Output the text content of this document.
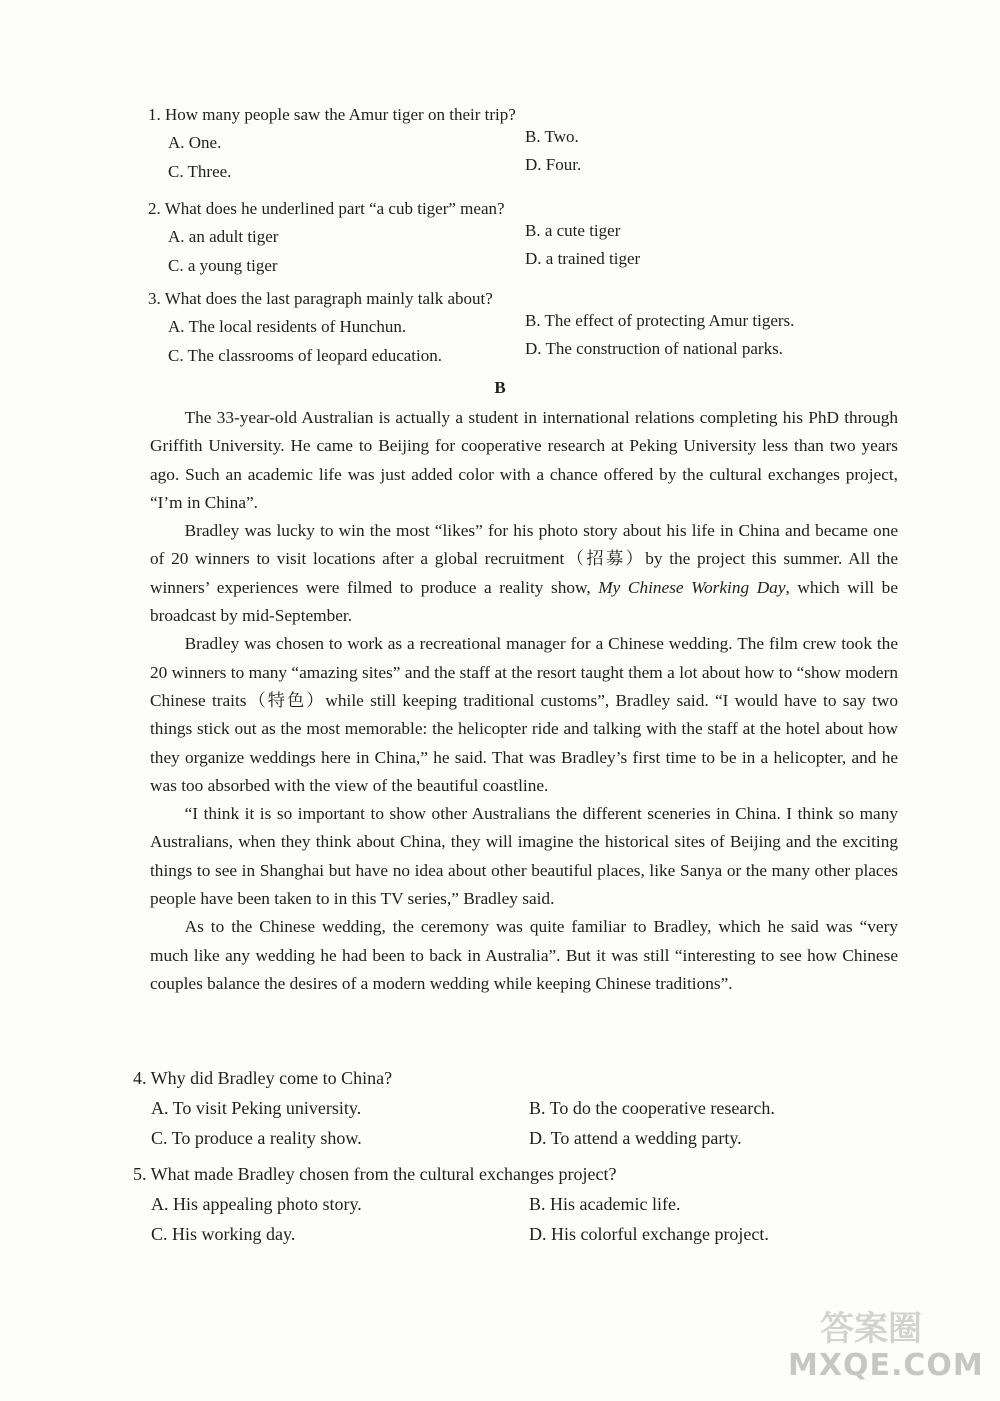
1. How many people saw the Amur tiger on their trip?
A. One.	B. Two.
C. Three.	D. Four.
2. What does he underlined part “a cub tiger” mean?
A. an adult tiger	B. a cute tiger
C. a young tiger	D. a trained tiger
3. What does the last paragraph mainly talk about?
A. The local residents of Hunchun.	B. The effect of protecting Amur tigers.
C. The classrooms of leopard education.	D. The construction of national parks.
B

The 33-year-old Australian is actually a student in international relations completing his PhD through Griffith University. He came to Beijing for cooperative research at Peking University less than two years ago. Such an academic life was just added color with a chance offered by the cultural exchanges project, “I’m in China”.

Bradley was lucky to win the most “likes” for his photo story about his life in China and became one of 20 winners to visit locations after a global recruitment（招募）by the project this summer. All the winners’ experiences were filmed to produce a reality show, My Chinese Working Day, which will be broadcast by mid-September.

Bradley was chosen to work as a recreational manager for a Chinese wedding. The film crew took the 20 winners to many “amazing sites” and the staff at the resort taught them a lot about how to “show modern Chinese traits（特色）while still keeping traditional customs”, Bradley said. “I would have to say two things stick out as the most memorable: the helicopter ride and talking with the staff at the hotel about how they organize weddings here in China,” he said. That was Bradley’s first time to be in a helicopter, and he was too absorbed with the view of the beautiful coastline.

“I think it is so important to show other Australians the different sceneries in China. I think so many Australians, when they think about China, they will imagine the historical sites of Beijing and the exciting things to see in Shanghai but have no idea about other beautiful places, like Sanya or the many other places people have been taken to in this TV series,” Bradley said.

As to the Chinese wedding, the ceremony was quite familiar to Bradley, which he said was “very much like any wedding he had been to back in Australia”. But it was still “interesting to see how Chinese couples balance the desires of a modern wedding while keeping Chinese traditions”.

4. Why did Bradley come to China?
A. To visit Peking university.	B. To do the cooperative research.
C. To produce a reality show.	D. To attend a wedding party.
5. What made Bradley chosen from the cultural exchanges project?
A. His appealing photo story.	B. His academic life.
C. His working day.	D. His colorful exchange project.
答案圈
MXQE.COM
